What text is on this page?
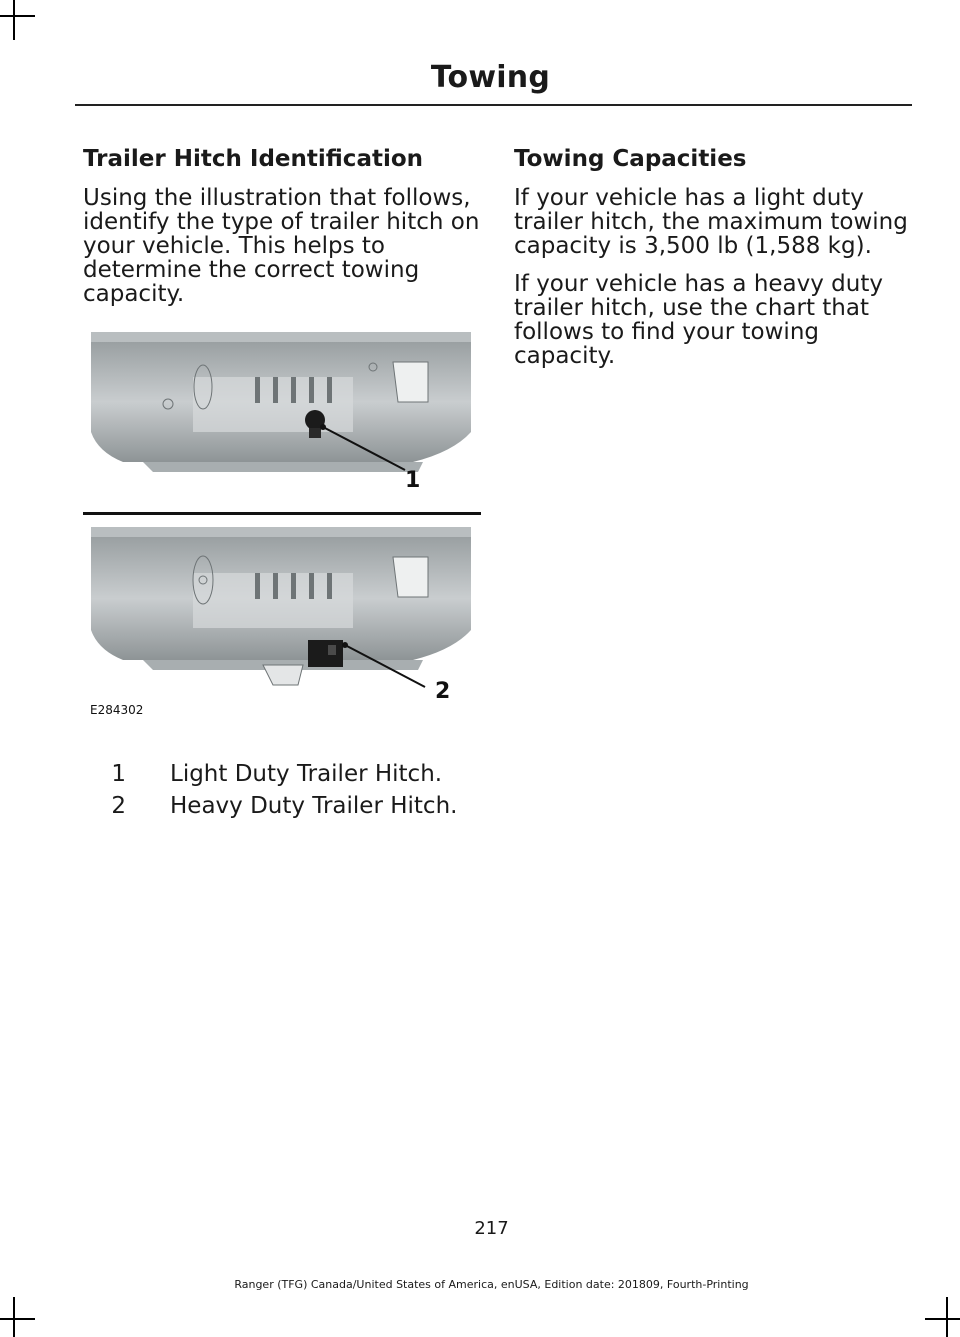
Towing
Trailer Hitch Identification

Using the illustration that follows, identify the type of trailer hitch on your vehicle. This helps to determine the correct towing capacity.

1
2
E284302
1 Light Duty Trailer Hitch.
2 Heavy Duty Trailer Hitch.
Towing Capacities

If your vehicle has a light duty trailer hitch, the maximum towing capacity is 3,500 lb (1,588 kg).

If your vehicle has a heavy duty trailer hitch, use the chart that follows to find your towing capacity.

217
Ranger (TFG) Canada/United States of America, enUSA, Edition date: 201809, Fourth-Printing
